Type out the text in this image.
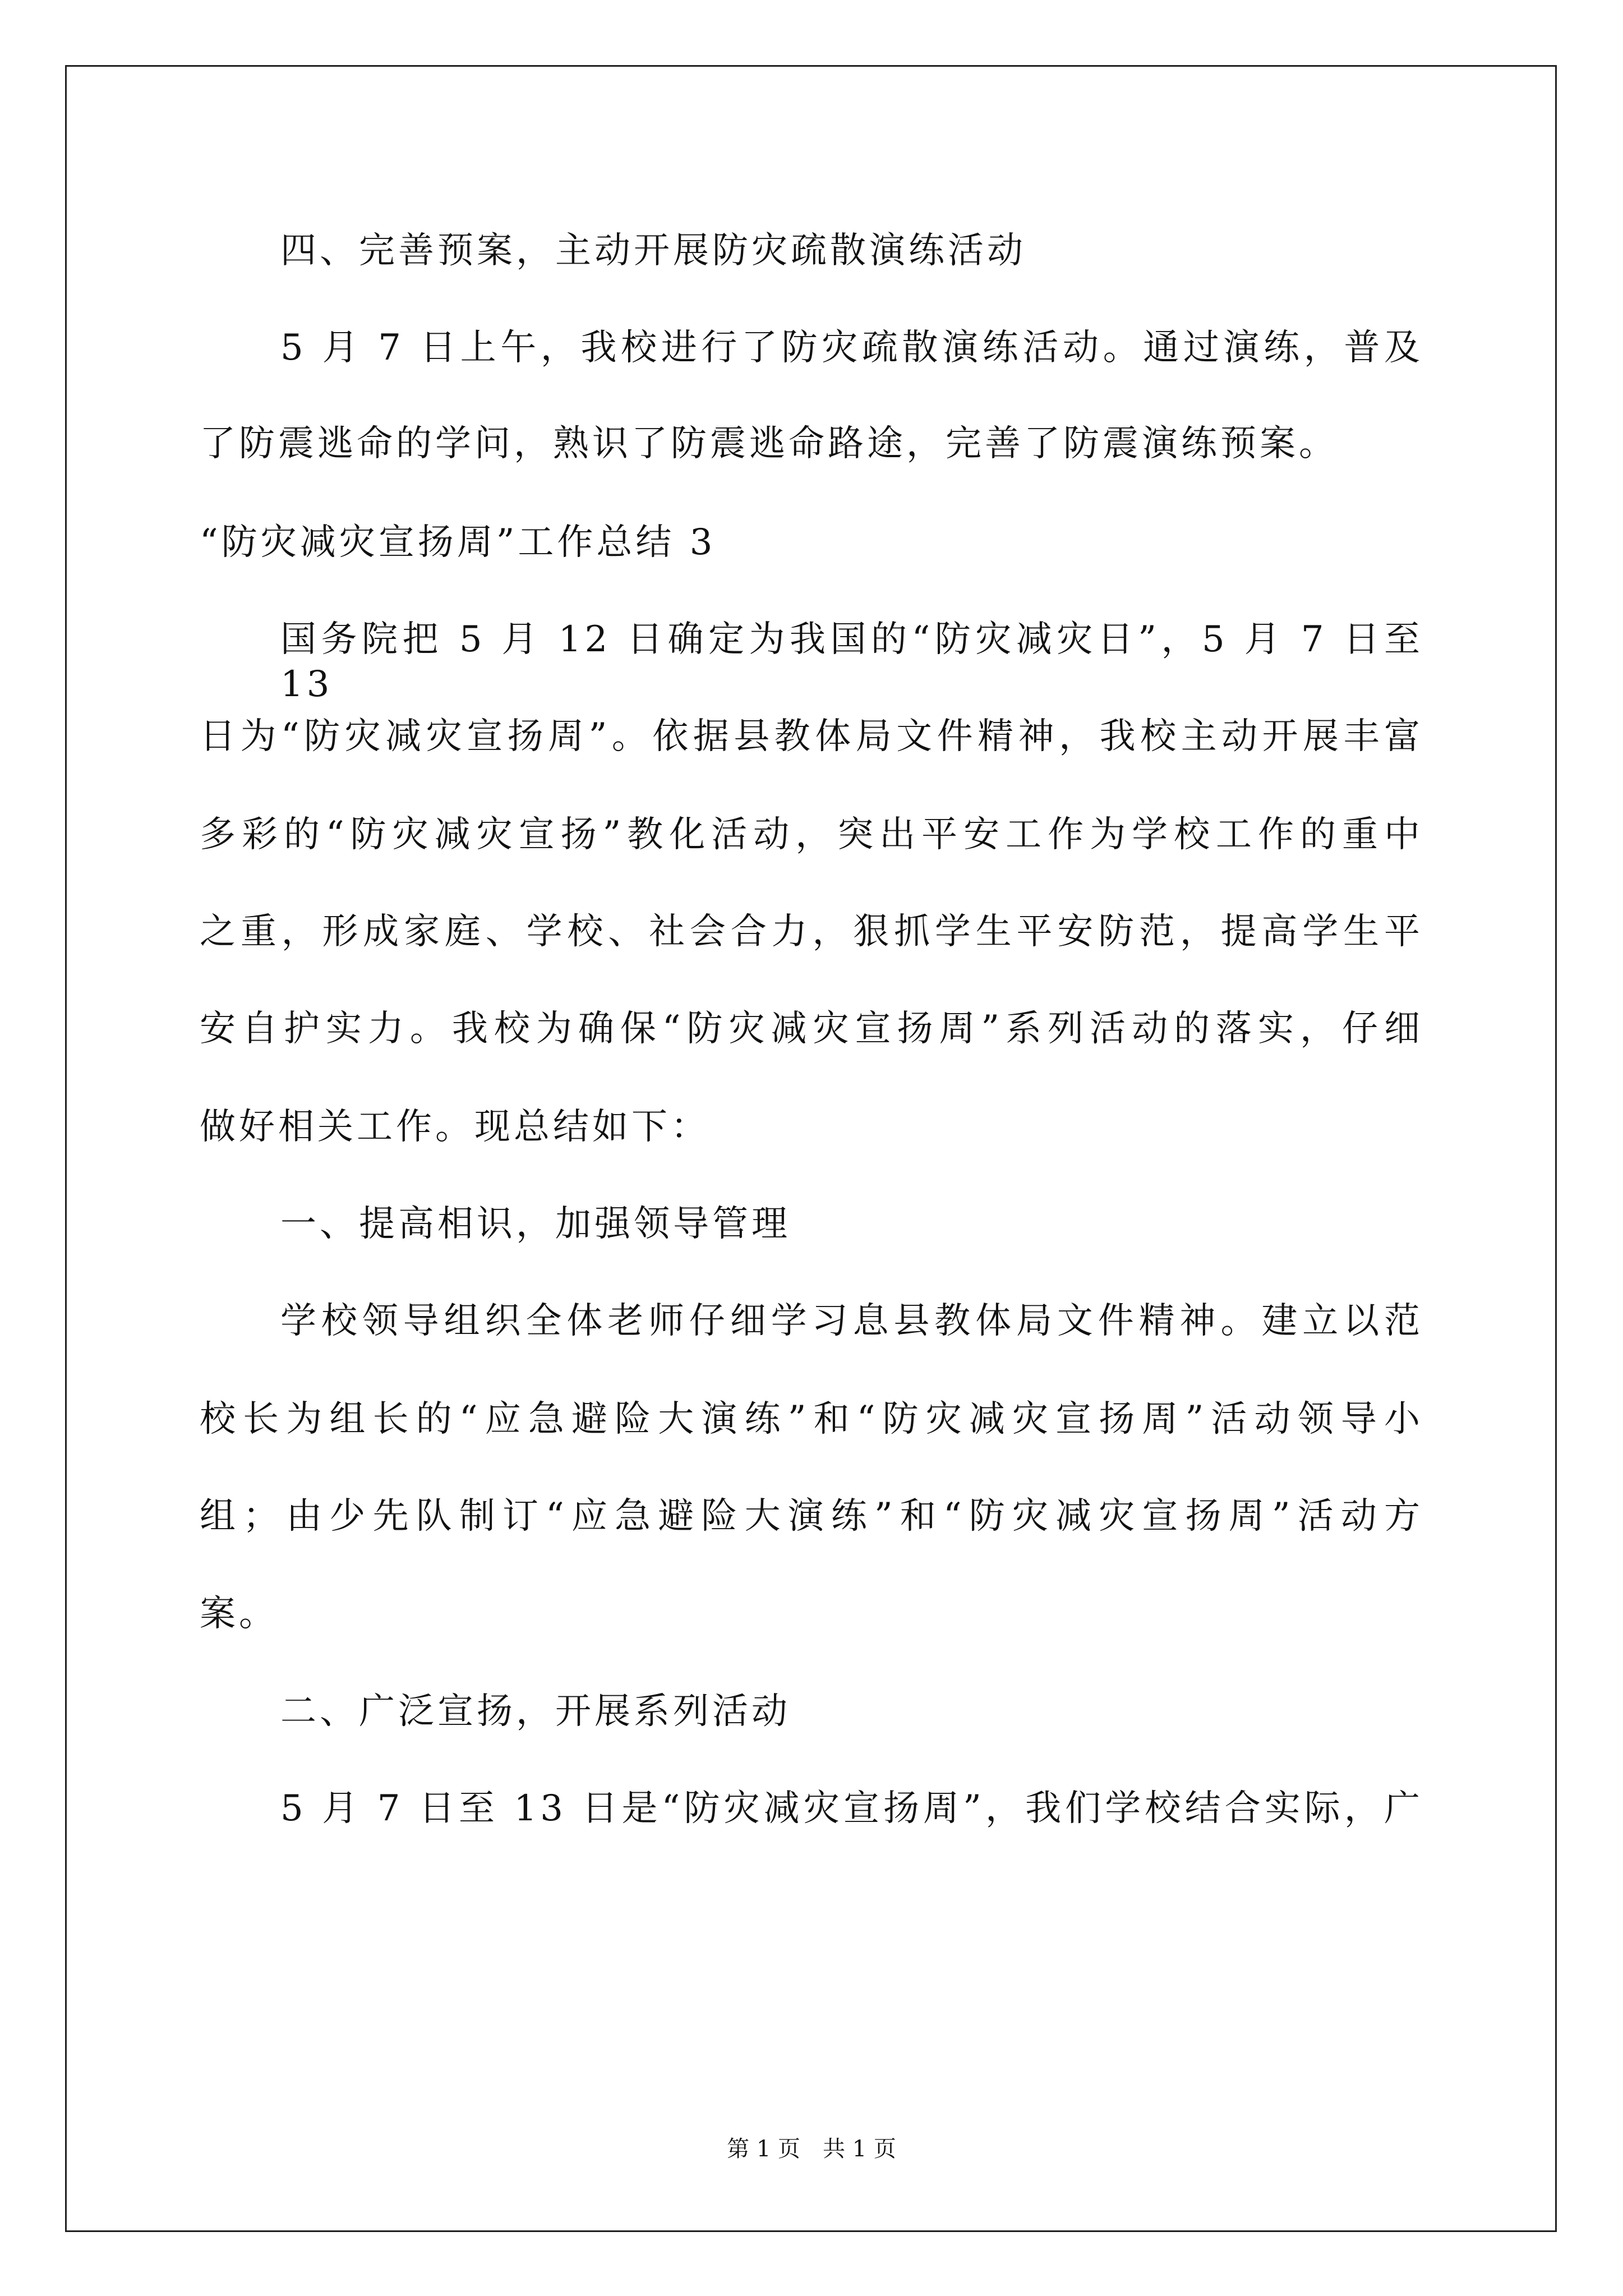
四、完善预案，主动开展防灾疏散演练活动
5 月 7 日上午，我校进行了防灾疏散演练活动。通过演练，普及
了防震逃命的学问，熟识了防震逃命路途，完善了防震演练预案。
“防灾减灾宣扬周”工作总结 3
国务院把 5 月 12 日确定为我国的“防灾减灾日”，5 月 7 日至 13
日为“防灾减灾宣扬周”。依据县教体局文件精神，我校主动开展丰富
多彩的“防灾减灾宣扬”教化活动，突出平安工作为学校工作的重中
之重，形成家庭、学校、社会合力，狠抓学生平安防范，提高学生平
安自护实力。我校为确保“防灾减灾宣扬周”系列活动的落实，仔细
做好相关工作。现总结如下：
一、提高相识，加强领导管理
学校领导组织全体老师仔细学习息县教体局文件精神。建立以范
校长为组长的“应急避险大演练”和“防灾减灾宣扬周”活动领导小
组；由少先队制订“应急避险大演练”和“防灾减灾宣扬周”活动方
案。
二、广泛宣扬，开展系列活动
5 月 7 日至 13 日是“防灾减灾宣扬周”，我们学校结合实际，广
第 1 页　共 1 页
